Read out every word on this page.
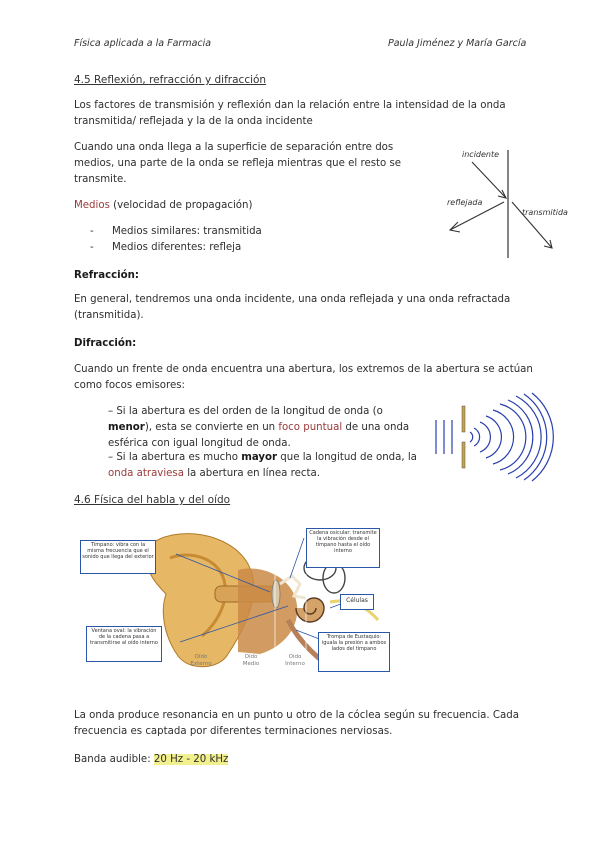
Física aplicada a la Farmacia	Paula Jiménez y María García
4.5 Reflexión, refracción y difracción
Los factores de transmisión y reflexión dan la relación entre la intensidad de la onda transmitida/ reflejada y la de la onda incidente
Cuando una onda llega a la superficie de separación entre dos medios, una parte de la onda se refleja mientras que el resto se transmite.
Medios (velocidad de propagación)
- Medios similares: transmitida
- Medios diferentes: refleja
incidente
reflejada
transmitida
Refracción:
En general, tendremos una onda incidente, una onda reflejada y una onda refractada (transmitida).
Difracción:
Cuando un frente de onda encuentra una abertura, los extremos de la abertura se actúan como focos emisores:
– Si la abertura es del orden de la longitud de onda (o menor), esta se convierte en un foco puntual de una onda esférica con igual longitud de onda.
– Si la abertura es mucho mayor que la longitud de onda, la onda atraviesa la abertura en línea recta.
4.6 Física del habla y del oído
Tímpano: vibra con la misma frecuencia que el sonido que llega del exterior
Cadena osicular: transmite la vibración desde el tímpano hasta el oído interno
Células
Ventana oval: la vibración de la cadena pasa a transmitirse al oído interno
Trompa de Eustaquio: iguala la presión a ambos lados del tímpano
Oído Externo
Oído Medio
Oído Interno
La onda produce resonancia en un punto u otro de la cóclea según su frecuencia. Cada frecuencia es captada por diferentes terminaciones nerviosas.
Banda audible: 20 Hz - 20 kHz
